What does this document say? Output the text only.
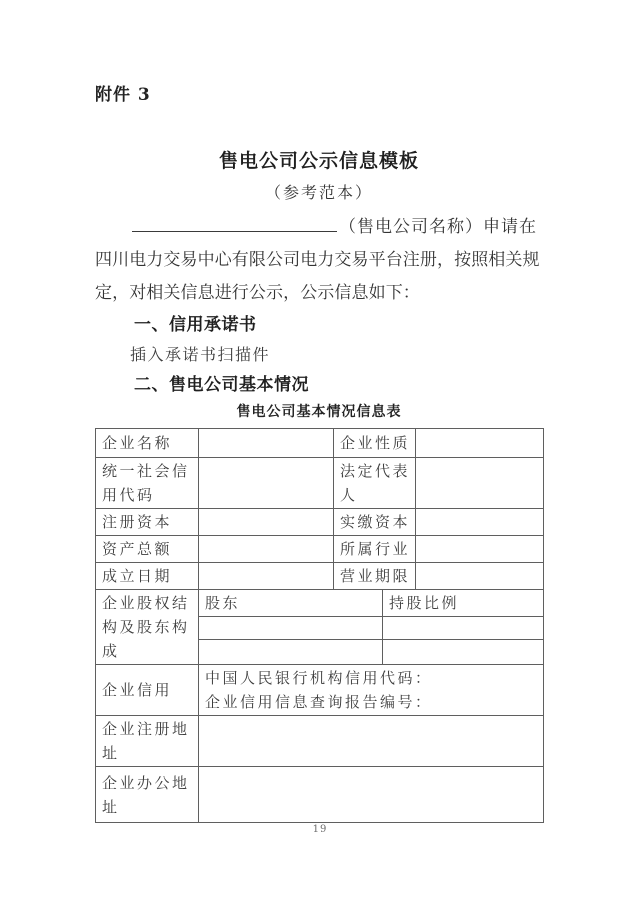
附件 3
售电公司公示信息模板
（参考范本）
（售电公司名称）申请在
四川电力交易中心有限公司电力交易平台注册，按照相关规
定，对相关信息进行公示，公示信息如下：
一、信用承诺书
插入承诺书扫描件
二、售电公司基本情况
售电公司基本情况信息表
企业名称		企业性质		
统一社会信用代码		法定代表人		
注册资本		实缴资本		
资产总额		所属行业		
成立日期		营业期限		
企业股权结构及股东构成	股东		持股比例	

企业信用	中国人民银行机构信用代码：
企业信用信息查询报告编号：			

企业注册地址				
企业办公地址				
19
